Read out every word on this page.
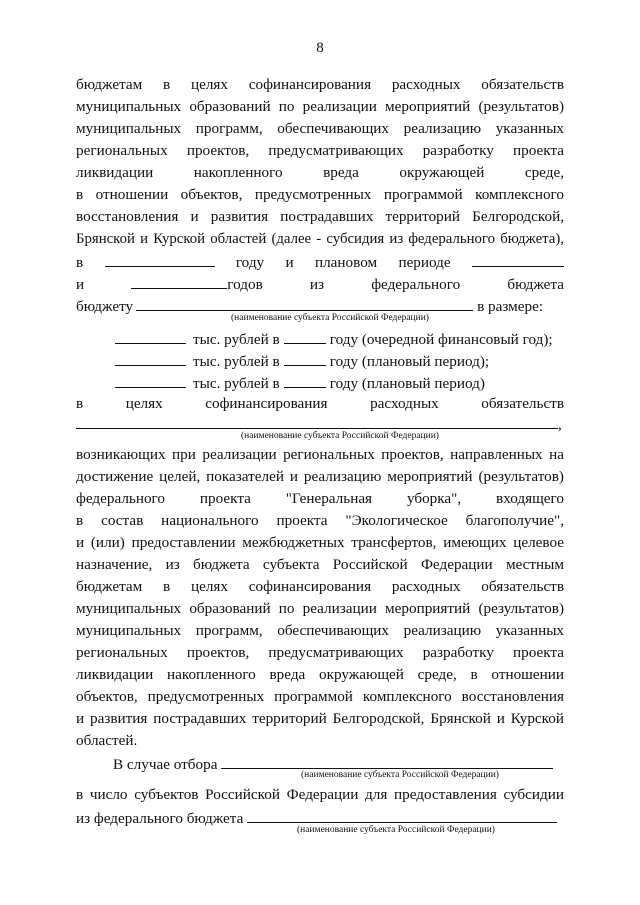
8
бюджетам в целях софинансирования расходных обязательств
муниципальных образований по реализации мероприятий (результатов)
муниципальных программ, обеспечивающих реализацию указанных
региональных проектов, предусматривающих разработку проекта
ликвидации накопленного вреда окружающей среде,
в отношении объектов, предусмотренных программой комплексного
восстановления и развития пострадавших территорий Белгородской,
Брянской и Курской областей (далее - субсидия из федерального бюджета),
в	году и плановом периоде
и	годов	из	федерального	бюджета
бюджету	в размере:
(наименование субъекта Российской Федерации)
тыс. рублей в	году (очередной финансовый год);
тыс. рублей в	году (плановый период);
тыс. рублей в	году (плановый период)
в	целях	софинансирования	расходных	обязательств
,
(наименование субъекта Российской Федерации)
возникающих при реализации региональных проектов, направленных на
достижение целей, показателей и реализацию мероприятий (результатов)
федерального проекта "Генеральная уборка", входящего
в состав национального проекта "Экологическое благополучие",
и (или) предоставлении межбюджетных трансфертов, имеющих целевое
назначение, из бюджета субъекта Российской Федерации местным
бюджетам в целях софинансирования расходных обязательств
муниципальных образований по реализации мероприятий (результатов)
муниципальных программ, обеспечивающих реализацию указанных
региональных проектов, предусматривающих разработку проекта
ликвидации накопленного вреда окружающей среде, в отношении
объектов, предусмотренных программой комплексного восстановления
и развития пострадавших территорий Белгородской, Брянской и Курской
областей.
В случае отбора
(наименование субъекта Российской Федерации)
в число субъектов Российской Федерации для предоставления субсидии
из федерального бюджета
(наименование субъекта Российской Федерации)
